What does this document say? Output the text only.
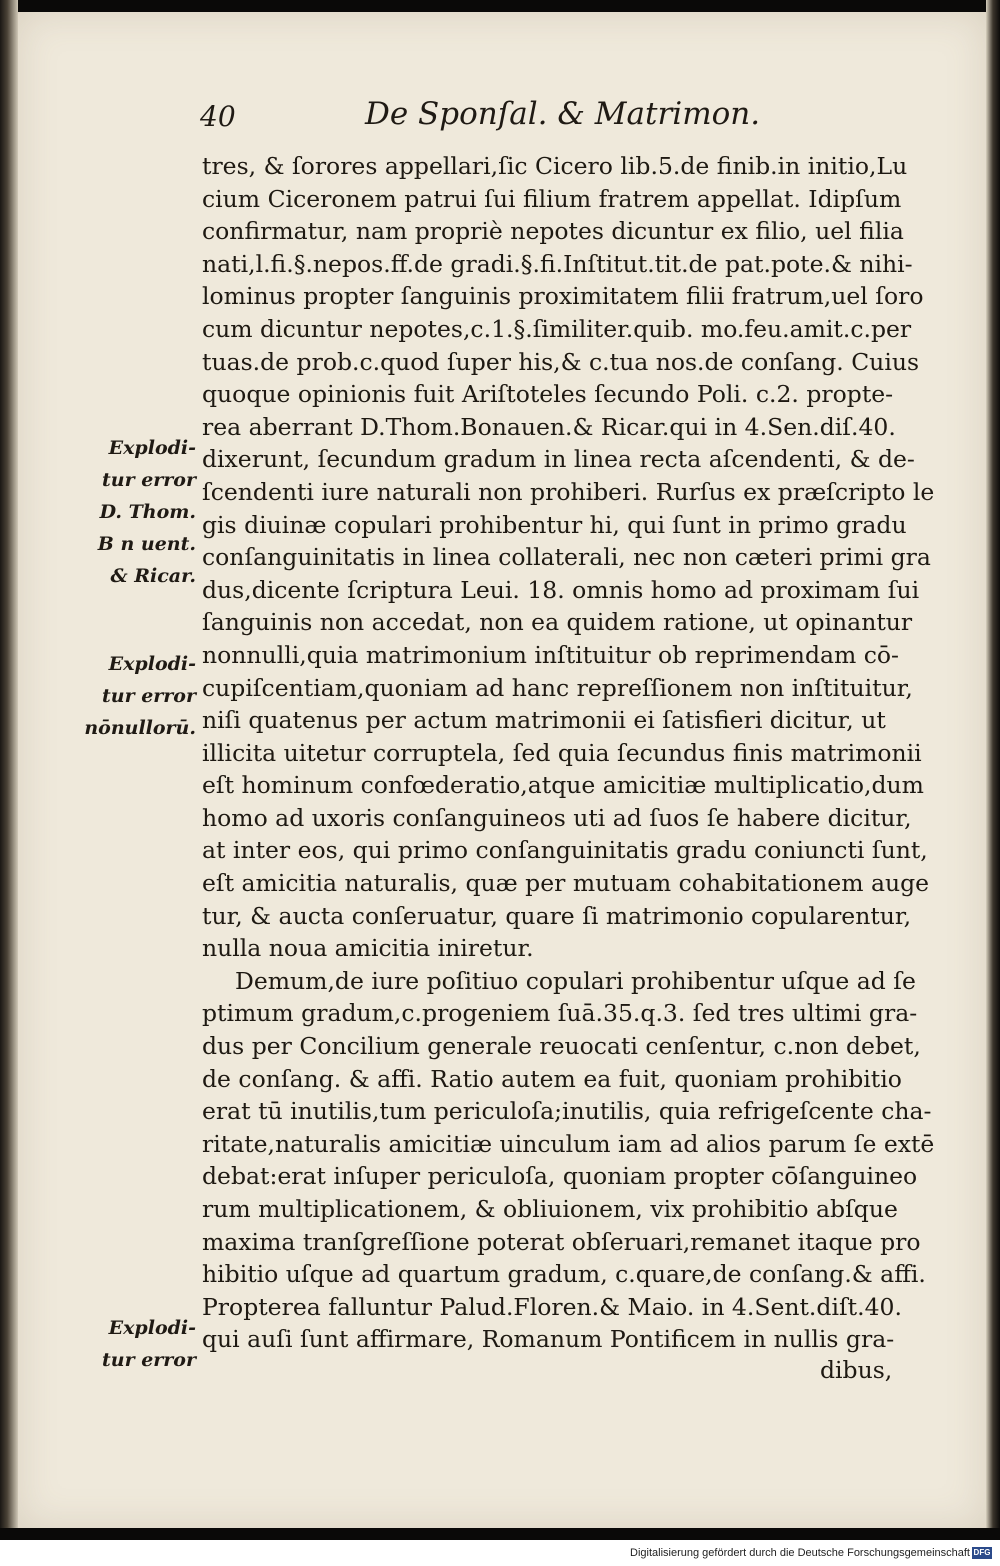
40	De Sponſal. & Matrimon.
tres, & ſorores appellari,ſic Cicero lib.5.de finib.in initio,Lu
cium Ciceronem patrui ſui filium fratrem appellat. Idipſum
confirmatur, nam propriè nepotes dicuntur ex filio, uel filia
nati,l.fi.§.nepos.ff.de gradi.§.fi.Inſtitut.tit.de pat.pote.& nihi-
lominus propter ſanguinis proximitatem filii fratrum,uel ſoro
cum dicuntur nepotes,c.1.§.ſimiliter.quib. mo.feu.amit.c.per
tuas.de prob.c.quod ſuper his,& c.tua nos.de conſang. Cuius
quoque opinionis fuit Ariſtoteles ſecundo Poli. c.2. propte-
rea aberrant D.Thom.Bonauen.& Ricar.qui in 4.Sen.diſ.40.
dixerunt, ſecundum gradum in linea recta aſcendenti, & de-
ſcendenti iure naturali non prohiberi. Rurſus ex præſcripto le
gis diuinæ copulari prohibentur hi, qui ſunt in primo gradu
conſanguinitatis in linea collaterali, nec non cæteri primi gra
dus,dicente ſcriptura Leui. 18. omnis homo ad proximam ſui
ſanguinis non accedat, non ea quidem ratione, ut opinantur
nonnulli,quia matrimonium inſtituitur ob reprimendam cō-
cupiſcentiam,quoniam ad hanc repreſſionem non inſtituitur,
niſi quatenus per actum matrimonii ei ſatisfieri dicitur, ut
illicita uitetur corruptela, ſed quia ſecundus finis matrimonii
eſt hominum confœderatio,atque amicitiæ multiplicatio,dum
homo ad uxoris conſanguineos uti ad ſuos ſe habere dicitur,
at inter eos, qui primo conſanguinitatis gradu coniuncti ſunt,
eſt amicitia naturalis, quæ per mutuam cohabitationem auge
tur, & aucta conſeruatur, quare ſi matrimonio copularentur,
nulla noua amicitia iniretur.
Demum,de iure poſitiuo copulari prohibentur uſque ad ſe
ptimum gradum,c.progeniem ſuā.35.q.3. ſed tres ultimi gra-
dus per Concilium generale reuocati cenſentur, c.non debet,
de conſang. & affi. Ratio autem ea fuit, quoniam prohibitio
erat tū inutilis,tum periculoſa;inutilis, quia refrigeſcente cha-
ritate,naturalis amicitiæ uinculum iam ad alios parum ſe extē
debat:erat inſuper periculoſa, quoniam propter cōſanguineo
rum multiplicationem, & obliuionem, vix prohibitio abſque
maxima tranſgreſſione poterat obſeruari,remanet itaque pro
hibitio uſque ad quartum gradum, c.quare,de conſang.& affi.
Propterea falluntur Palud.Floren.& Maio. in 4.Sent.diſt.40.
qui auſi ſunt affirmare, Romanum Pontificem in nullis gra-
Explodi-
tur error
D. Thom.
B n uent.
& Ricar.
Explodi-
tur error
nōnullorū.
Explodi-
tur error	dibus,
Digitalisierung gefördert durch die Deutsche Forschungsgemeinschaft DFG
